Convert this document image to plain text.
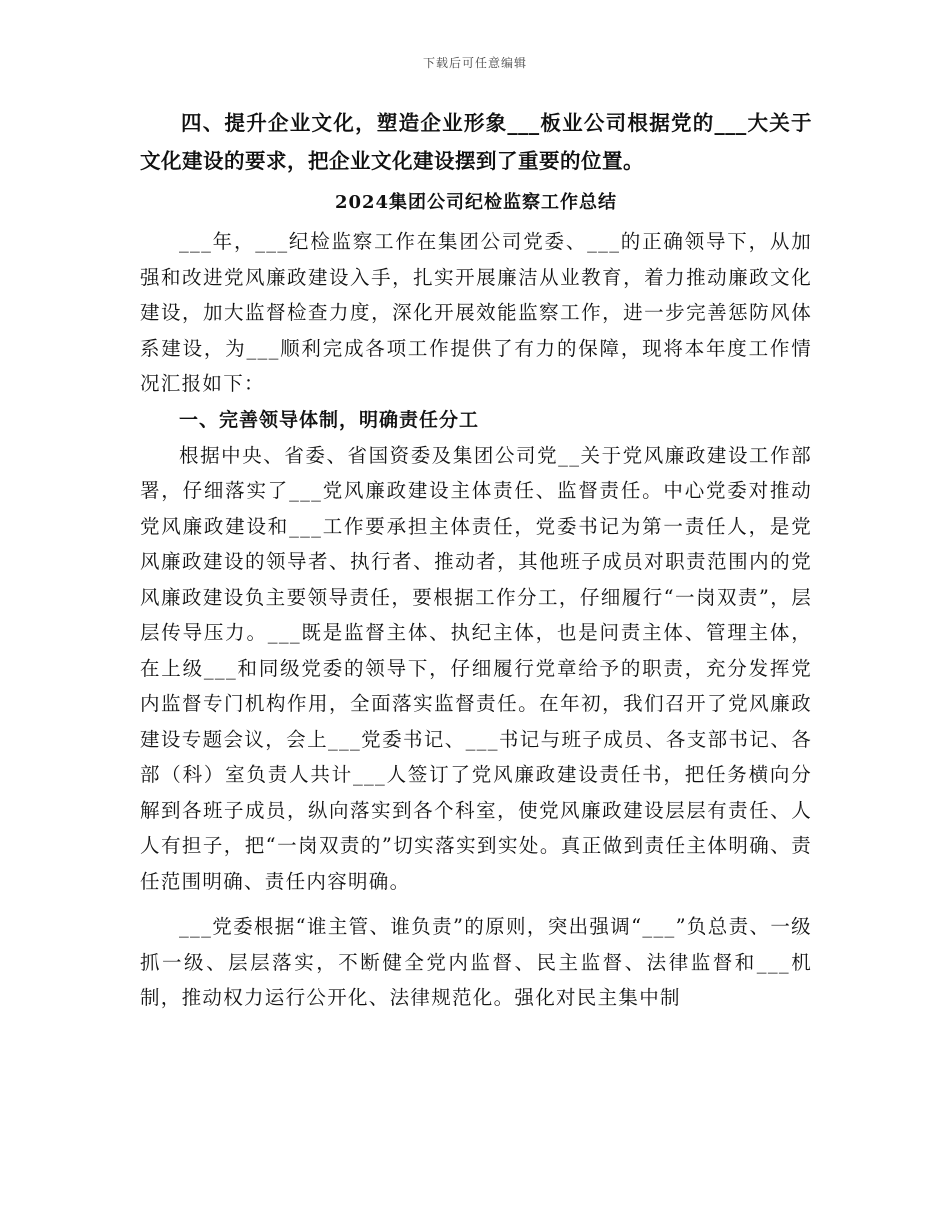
下载后可任意编辑

四、提升企业文化，塑造企业形象___板业公司根据党的___大关于文化建设的要求，把企业文化建设摆到了重要的位置。

2024集团公司纪检监察工作总结

___年，___纪检监察工作在集团公司党委、___的正确领导下，从加强和改进党风廉政建设入手，扎实开展廉洁从业教育，着力推动廉政文化建设，加大监督检查力度，深化开展效能监察工作，进一步完善惩防风体系建设，为___顺利完成各项工作提供了有力的保障，现将本年度工作情况汇报如下：

一、完善领导体制，明确责任分工

根据中央、省委、省国资委及集团公司党__关于党风廉政建设工作部署，仔细落实了___党风廉政建设主体责任、监督责任。中心党委对推动党风廉政建设和___工作要承担主体责任，党委书记为第一责任人，是党风廉政建设的领导者、执行者、推动者，其他班子成员对职责范围内的党风廉政建设负主要领导责任，要根据工作分工，仔细履行“一岗双责”，层层传导压力。___既是监督主体、执纪主体，也是问责主体、管理主体，在上级___和同级党委的领导下，仔细履行党章给予的职责，充分发挥党内监督专门机构作用，全面落实监督责任。在年初，我们召开了党风廉政建设专题会议，会上___党委书记、___书记与班子成员、各支部书记、各部（科）室负责人共计___人签订了党风廉政建设责任书，把任务横向分解到各班子成员，纵向落实到各个科室，使党风廉政建设层层有责任、人人有担子，把“一岗双责的”切实落实到实处。真正做到责任主体明确、责任范围明确、责任内容明确。

___党委根据“谁主管、谁负责”的原则，突出强调“___”负总责、一级抓一级、层层落实，不断健全党内监督、民主监督、法律监督和___机制，推动权力运行公开化、法律规范化。强化对民主集中制
